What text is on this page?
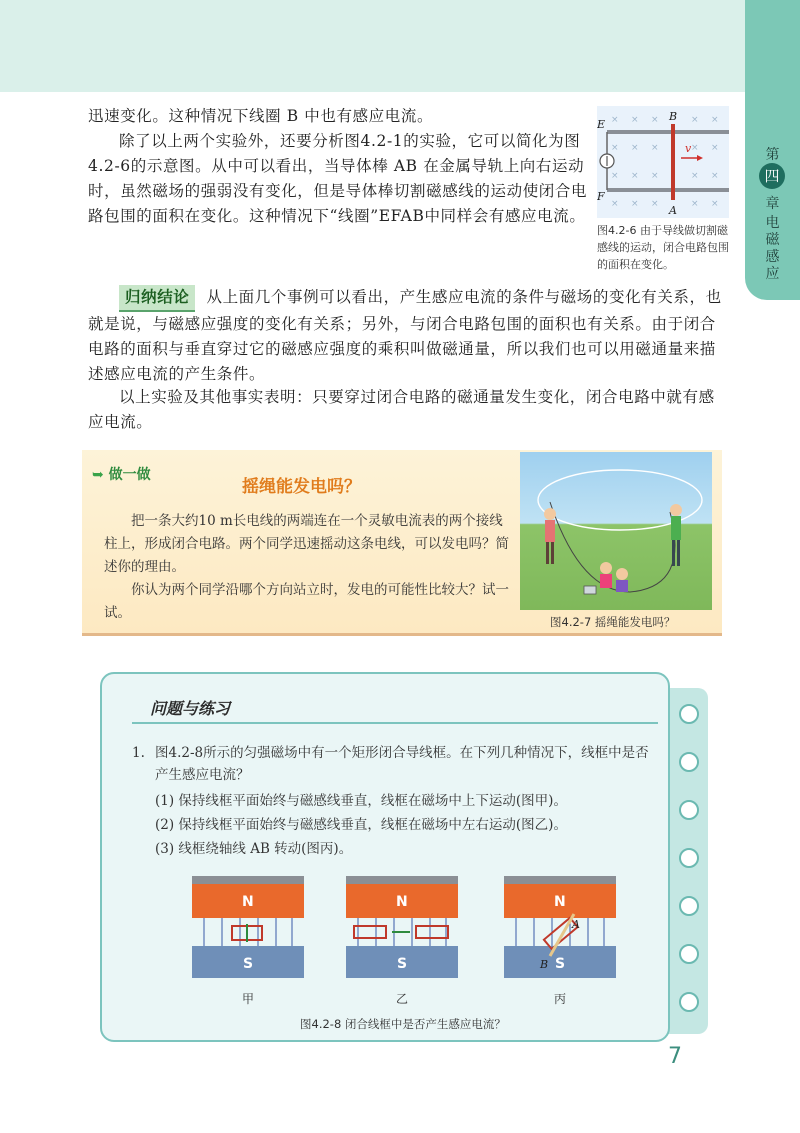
第
四
章
电磁感应
迅速变化。这种情况下线圈 B 中也有感应电流。
除了以上两个实验外，还要分析图4.2-1的实验，它可以简化为图4.2-6的示意图。从中可以看出，当导体棒 AB 在金属导轨上向右运动时，虽然磁场的强弱没有变化，但是导体棒切割磁感线的运动使闭合电路包围的面积在变化。这种情况下“线圈”EFAB中同样会有感应电流。
× × ×	× ×
× × ×	× ×
× × ×	× ×
× × ×	× ×
E
F
B
A
v
图4.2-6 由于导线做切割磁感线的运动，闭合电路包围的面积在变化。
归纳结论 从上面几个事例可以看出，产生感应电流的条件与磁场的变化有关系，也就是说，与磁感应强度的变化有关系；另外，与闭合电路包围的面积也有关系。由于闭合电路的面积与垂直穿过它的磁感应强度的乘积叫做磁通量，所以我们也可以用磁通量来描述感应电流的产生条件。
以上实验及其他事实表明：只要穿过闭合电路的磁通量发生变化，闭合电路中就有感应电流。
➥ 做一做
摇绳能发电吗？
把一条大约10 m长电线的两端连在一个灵敏电流表的两个接线柱上，形成闭合电路。两个同学迅速摇动这条电线，可以发电吗？简述你的理由。
你认为两个同学沿哪个方向站立时，发电的可能性比较大？试一试。
图4.2-7 摇绳能发电吗？
问题与练习
1. 图4.2-8所示的匀强磁场中有一个矩形闭合导线框。在下列几种情况下，线框中是否产生感应电流？
(1) 保持线框平面始终与磁感线垂直，线框在磁场中上下运动(图甲)。
(2) 保持线框平面始终与磁感线垂直，线框在磁场中左右运动(图乙)。
(3) 线框绕轴线 AB 转动(图丙)。
N
S
N
S
N
S
A
B
甲	乙	丙
图4.2-8 闭合线框中是否产生感应电流？
7
